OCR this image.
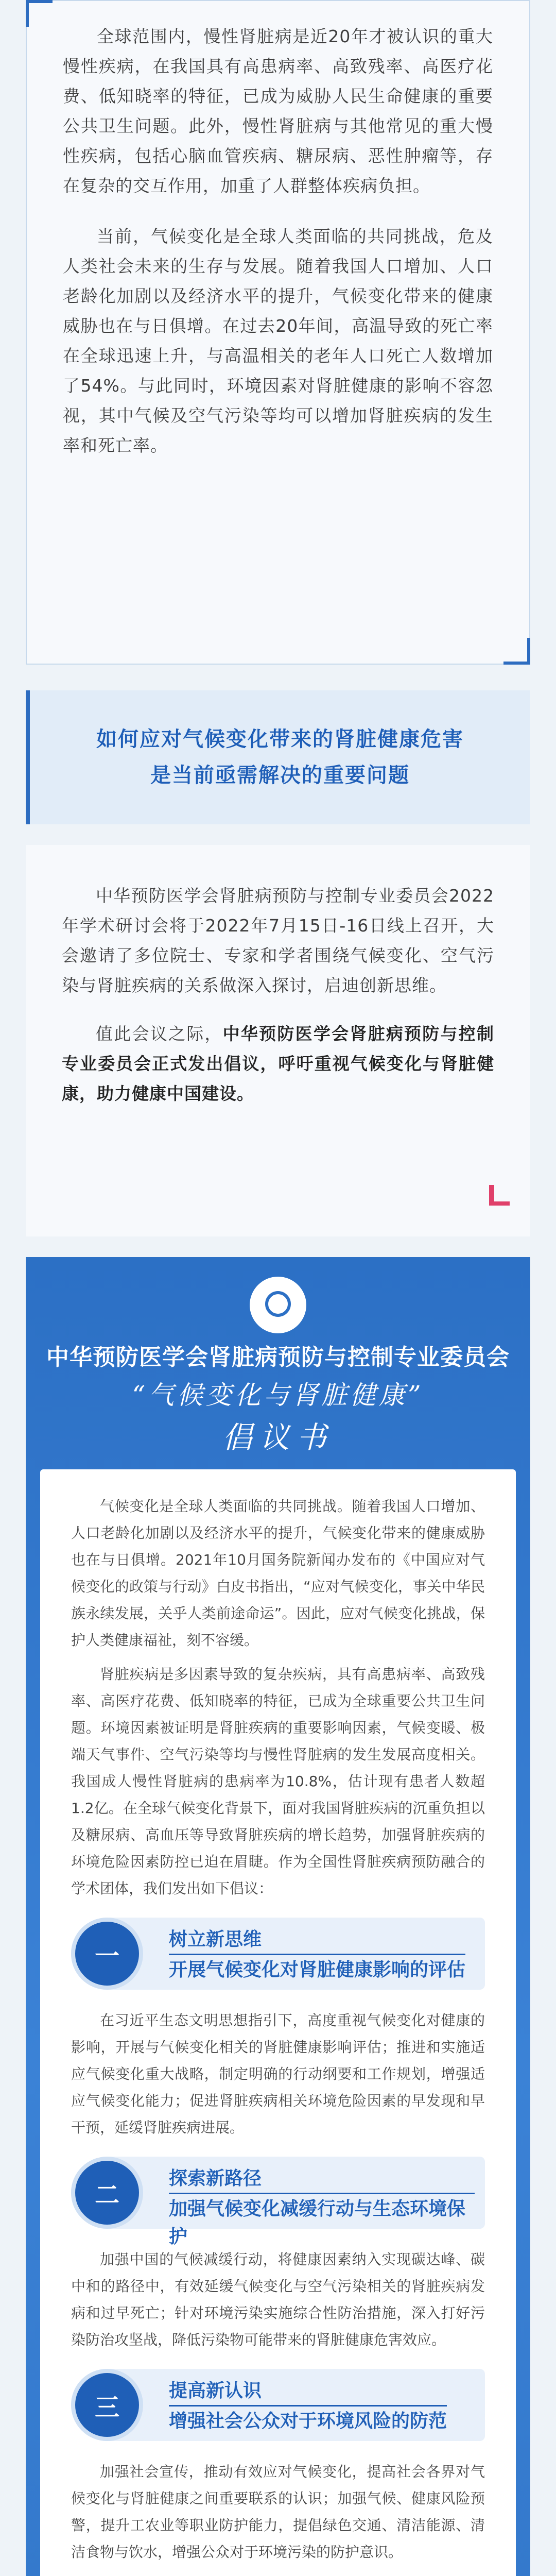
全球范围内，慢性肾脏病是近20年才被认识的重大慢性疾病，在我国具有高患病率、高致残率、高医疗花费、低知晓率的特征，已成为威胁人民生命健康的重要公共卫生问题。此外，慢性肾脏病与其他常见的重大慢性疾病，包括心脑血管疾病、糖尿病、恶性肿瘤等，存在复杂的交互作用，加重了人群整体疾病负担。

当前，气候变化是全球人类面临的共同挑战，危及人类社会未来的生存与发展。随着我国人口增加、人口老龄化加剧以及经济水平的提升，气候变化带来的健康威胁也在与日俱增。在过去20年间，高温导致的死亡率在全球迅速上升，与高温相关的老年人口死亡人数增加了54%。与此同时，环境因素对肾脏健康的影响不容忽视，其中气候及空气污染等均可以增加肾脏疾病的发生率和死亡率。

如何应对气候变化带来的肾脏健康危害
是当前亟需解决的重要问题

中华预防医学会肾脏病预防与控制专业委员会2022年学术研讨会将于2022年7月15日-16日线上召开，大会邀请了多位院士、专家和学者围绕气候变化、空气污染与肾脏疾病的关系做深入探讨，启迪创新思维。

值此会议之际，中华预防医学会肾脏病预防与控制专业委员会正式发出倡议，呼吁重视气候变化与肾脏健康，助力健康中国建设。

中华预防医学会肾脏病预防与控制专业委员会
“气候变化与肾脏健康”
倡议书

气候变化是全球人类面临的共同挑战。随着我国人口增加、人口老龄化加剧以及经济水平的提升，气候变化带来的健康威胁也在与日俱增。2021年10月国务院新闻办发布的《中国应对气候变化的政策与行动》白皮书指出，“应对气候变化，事关中华民族永续发展，关乎人类前途命运”。因此，应对气候变化挑战，保护人类健康福祉，刻不容缓。

肾脏疾病是多因素导致的复杂疾病，具有高患病率、高致残率、高医疗花费、低知晓率的特征，已成为全球重要公共卫生问题。环境因素被证明是肾脏疾病的重要影响因素，气候变暖、极端天气事件、空气污染等均与慢性肾脏病的发生发展高度相关。我国成人慢性肾脏病的患病率为10.8%，估计现有患者人数超1.2亿。在全球气候变化背景下，面对我国肾脏疾病的沉重负担以及糖尿病、高血压等导致肾脏疾病的增长趋势，加强肾脏疾病的环境危险因素防控已迫在眉睫。作为全国性肾脏疾病预防融合的学术团体，我们发出如下倡议：

一
树立新思维
开展气候变化对肾脏健康影响的评估

在习近平生态文明思想指引下，高度重视气候变化对健康的影响，开展与气候变化相关的肾脏健康影响评估；推进和实施适应气候变化重大战略，制定明确的行动纲要和工作规划，增强适应气候变化能力；促进肾脏疾病相关环境危险因素的早发现和早干预，延缓肾脏疾病进展。

二
探索新路径
加强气候变化减缓行动与生态环境保护

加强中国的气候减缓行动，将健康因素纳入实现碳达峰、碳中和的路径中，有效延缓气候变化与空气污染相关的肾脏疾病发病和过早死亡；针对环境污染实施综合性防治措施，深入打好污染防治攻坚战，降低污染物可能带来的肾脏健康危害效应。

三
提高新认识
增强社会公众对于环境风险的防范

加强社会宣传，推动有效应对气候变化，提高社会各界对气候变化与肾脏健康之间重要联系的认识；加强气候、健康风险预警，提升工农业等职业防护能力，提倡绿色交通、清洁能源、清洁食物与饮水，增强公众对于环境污染的防护意识。
